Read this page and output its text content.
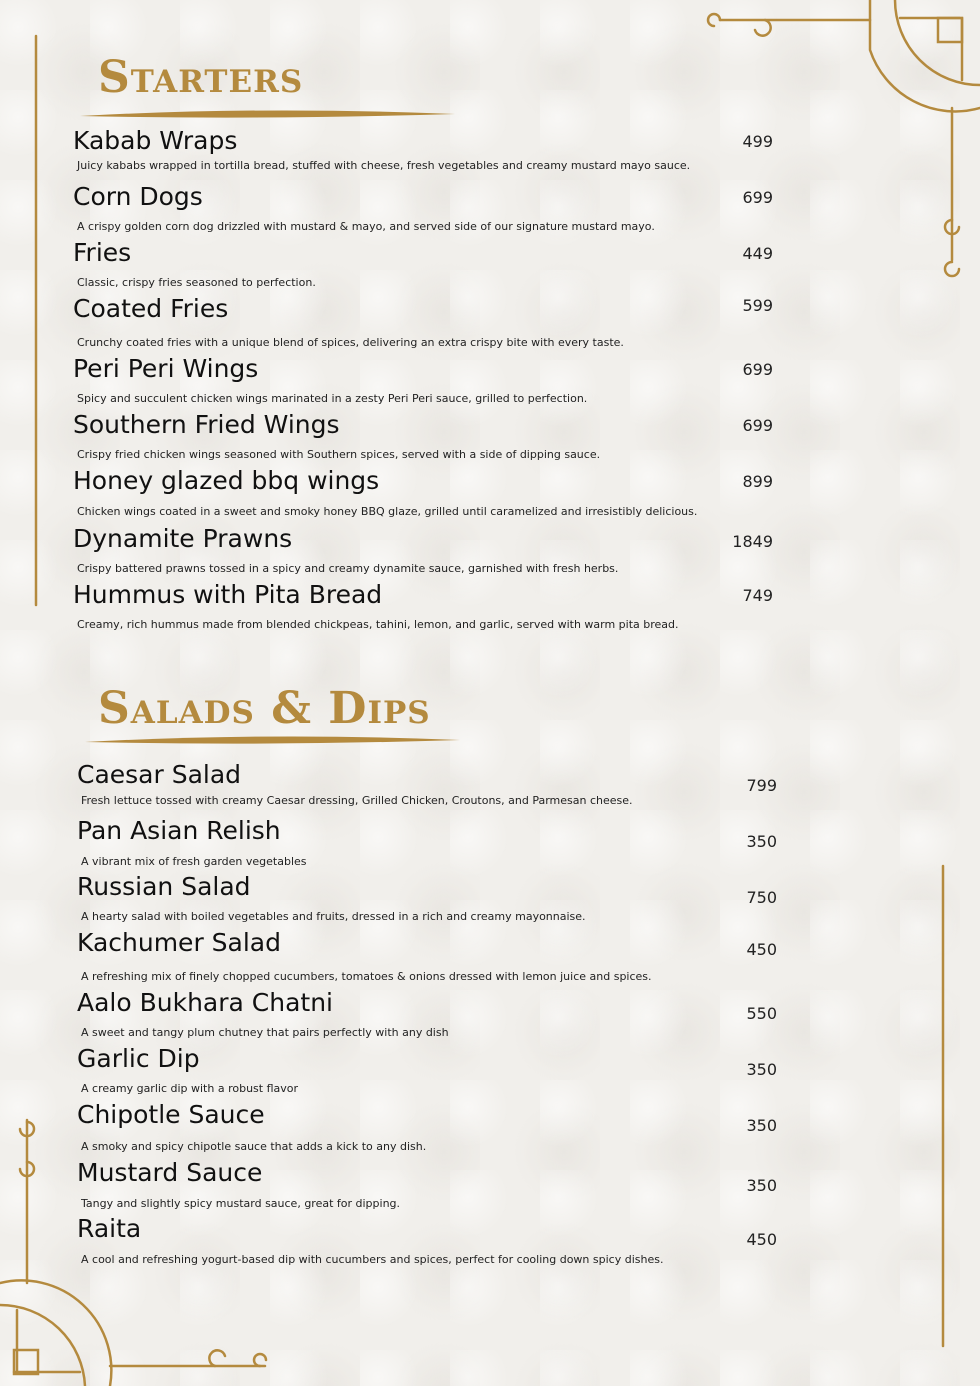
Starters
Kabab Wraps
Juicy kababs wrapped in tortilla bread, stuffed with cheese, fresh vegetables and creamy mustard mayo sauce.
499
Corn Dogs
A crispy golden corn dog drizzled with mustard & mayo, and served side of our signature mustard mayo.
699
Fries
Classic, crispy fries seasoned to perfection.
449
Coated Fries
Crunchy coated fries with a unique blend of spices, delivering an extra crispy bite with every taste.
599
Peri Peri Wings
Spicy and succulent chicken wings marinated in a zesty Peri Peri sauce, grilled to perfection.
699
Southern Fried Wings
Crispy fried chicken wings seasoned with Southern spices, served with a side of dipping sauce.
699
Honey glazed bbq wings
Chicken wings coated in a sweet and smoky honey BBQ glaze, grilled until caramelized and irresistibly delicious.
899
Dynamite Prawns
Crispy battered prawns tossed in a spicy and creamy dynamite sauce, garnished with fresh herbs.
1849
Hummus with Pita Bread
Creamy, rich hummus made from blended chickpeas, tahini, lemon, and garlic, served with warm pita bread.
749
Salads & Dips
Caesar Salad
Fresh lettuce tossed with creamy Caesar dressing, Grilled Chicken, Croutons, and Parmesan cheese.
799
Pan Asian Relish
A vibrant mix of fresh garden vegetables
350
Russian Salad
A hearty salad with boiled vegetables and fruits, dressed in a rich and creamy mayonnaise.
750
Kachumer Salad
A refreshing mix of finely chopped cucumbers, tomatoes & onions dressed with lemon juice and spices.
450
Aalo Bukhara Chatni
A sweet and tangy plum chutney that pairs perfectly with any dish
550
Garlic Dip
A creamy garlic dip with a robust flavor
350
Chipotle Sauce
A smoky and spicy chipotle sauce that adds a kick to any dish.
350
Mustard Sauce
Tangy and slightly spicy mustard sauce, great for dipping.
350
Raita
A cool and refreshing yogurt-based dip with cucumbers and spices, perfect for cooling down spicy dishes.
450
